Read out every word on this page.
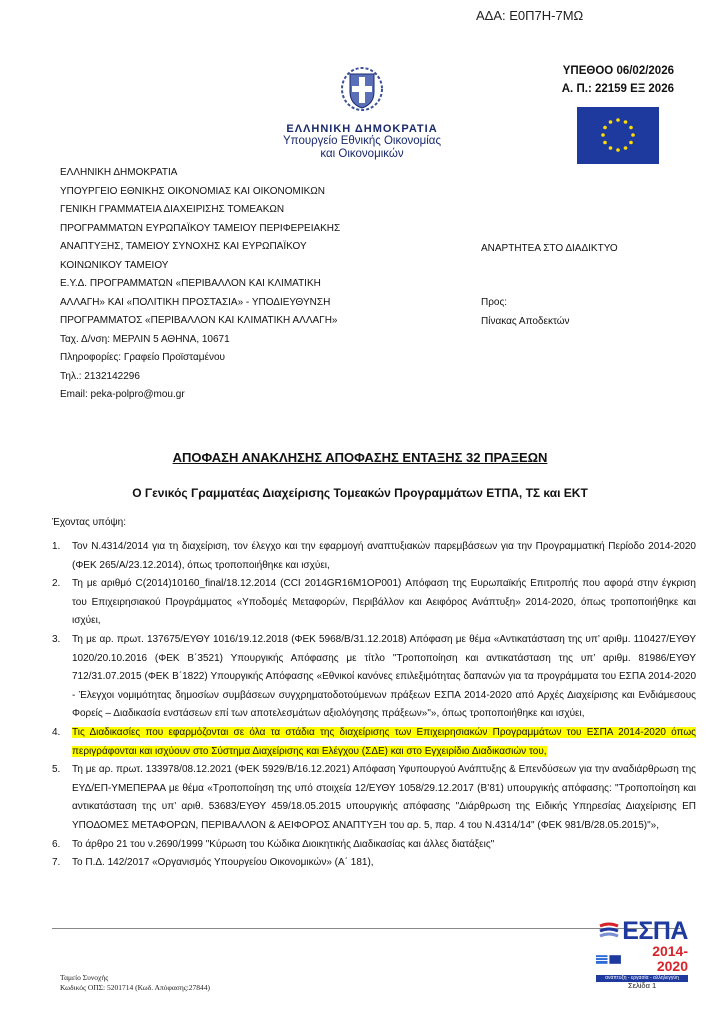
ΑΔΑ: Ε0Π7Η-7ΜΩ
ΥΠΕΘΟΟ 06/02/2026
Α. Π.: 22159 ΕΞ 2026
ΕΛΛΗΝΙΚΗ ΔΗΜΟΚΡΑΤΙΑ
Υπουργείο Εθνικής Οικονομίας
και Οικονομικών
ΕΛΛΗΝΙΚΗ ΔΗΜΟΚΡΑΤΙΑ
ΥΠΟΥΡΓΕΙΟ ΕΘΝΙΚΗΣ ΟΙΚΟΝΟΜΙΑΣ ΚΑΙ ΟΙΚΟΝΟΜΙΚΩΝ
ΓΕΝΙΚΗ ΓΡΑΜΜΑΤΕΙΑ ΔΙΑΧΕΙΡΙΣΗΣ ΤΟΜΕΑΚΩΝ
ΠΡΟΓΡΑΜΜΑΤΩΝ ΕΥΡΩΠΑΪΚΟΥ ΤΑΜΕΙΟΥ ΠΕΡΙΦΕΡΕΙΑΚΗΣ
ΑΝΑΠΤΥΞΗΣ, ΤΑΜΕΙΟΥ ΣΥΝΟΧΗΣ ΚΑΙ ΕΥΡΩΠΑΪΚΟΥ
ΚΟΙΝΩΝΙΚΟΥ ΤΑΜΕΙΟΥ
Ε.Υ.Δ. ΠΡΟΓΡΑΜΜΑΤΩΝ «ΠΕΡΙΒΑΛΛΟΝ ΚΑΙ ΚΛΙΜΑΤΙΚΗ
ΑΛΛΑΓΗ» ΚΑΙ «ΠΟΛΙΤΙΚΗ ΠΡΟΣΤΑΣΙΑ» - ΥΠΟΔΙΕΥΘΥΝΣΗ
ΠΡΟΓΡΑΜΜΑΤΟΣ «ΠΕΡΙΒΑΛΛΟΝ ΚΑΙ ΚΛΙΜΑΤΙΚΗ ΑΛΛΑΓΗ»
Ταχ. Δ/νση: ΜΕΡΛΙΝ 5 ΑΘΗΝΑ, 10671
Πληροφορίες: Γραφείο Προϊσταμένου
Τηλ.: 2132142296
Email: peka-polpro@mou.gr
ΑΝΑΡΤΗΤΕΑ ΣΤΟ ΔΙΑΔΙΚΤΥΟ
Προς:
Πίνακας Αποδεκτών
ΑΠΟΦΑΣΗ ΑΝΑΚΛΗΣΗΣ ΑΠΟΦΑΣΗΣ ΕΝΤΑΞΗΣ 32 ΠΡΑΞΕΩΝ
Ο Γενικός Γραμματέας Διαχείρισης Τομεακών Προγραμμάτων ΕΤΠΑ, ΤΣ και ΕΚΤ
Έχοντας υπόψη:
1.	Τον Ν.4314/2014 για τη διαχείριση, τον έλεγχο και την εφαρμογή αναπτυξιακών παρεμβάσεων για την Προγραμματική Περίοδο 2014-2020 (ΦΕΚ 265/Α/23.12.2014), όπως τροποποιήθηκε και ισχύει,
2.	Τη με αριθμό C(2014)10160_final/18.12.2014 (CCI 2014GR16M1OP001) Απόφαση της Ευρωπαϊκής Επιτροπής που αφορά στην έγκριση του Επιχειρησιακού Προγράμματος «Υποδομές Μεταφορών, Περιβάλλον και Αειφόρος Ανάπτυξη» 2014-2020, όπως τροποποιήθηκε και ισχύει,
3.	Τη με αρ. πρωτ. 137675/ΕΥΘΥ 1016/19.12.2018 (ΦΕΚ 5968/Β/31.12.2018) Απόφαση με θέμα «Αντικατάσταση της υπ’ αριθμ. 110427/ΕΥΘΥ 1020/20.10.2016 (ΦΕΚ Β΄3521) Υπουργικής Απόφασης με τίτλο "Τροποποίηση και αντικατάσταση της υπ’ αριθμ. 81986/ΕΥΘΥ 712/31.07.2015 (ΦΕΚ Β΄1822) Υπουργικής Απόφασης «Εθνικοί κανόνες επιλεξιμότητας δαπανών για τα προγράμματα του ΕΣΠΑ 2014-2020 - Έλεγχοι νομιμότητας δημοσίων συμβάσεων συγχρηματοδοτούμενων πράξεων ΕΣΠΑ 2014-2020 από Αρχές Διαχείρισης και Ενδιάμεσους Φορείς – Διαδικασία ενστάσεων επί των αποτελεσμάτων αξιολόγησης πράξεων»"», όπως τροποποιήθηκε και ισχύει,
4.	Τις Διαδικασίες που εφαρμόζονται σε όλα τα στάδια της διαχείρισης των Επιχειρησιακών Προγραμμάτων του ΕΣΠΑ 2014-2020 όπως περιγράφονται και ισχύουν στο Σύστημα Διαχείρισης και Ελέγχου (ΣΔΕ) και στο Εγχειρίδιο Διαδικασιών του,
5.	Τη με αρ. πρωτ. 133978/08.12.2021 (ΦΕΚ 5929/Β/16.12.2021) Απόφαση Υφυπουργού Ανάπτυξης & Επενδύσεων για την αναδιάρθρωση της ΕΥΔ/ΕΠ-ΥΜΕΠΕΡΑΑ με θέμα «Τροποποίηση της υπό στοιχεία 12/ΕΥΘΥ 1058/29.12.2017 (Β’81) υπουργικής απόφασης: "Τροποποίηση και αντικατάσταση της υπ’ αριθ. 53683/ΕΥΘΥ 459/18.05.2015 υπουργικής απόφασης "Διάρθρωση της Ειδικής Υπηρεσίας Διαχείρισης ΕΠ ΥΠΟΔΟΜΕΣ ΜΕΤΑΦΟΡΩΝ, ΠΕΡΙΒΑΛΛΟΝ & ΑΕΙΦΟΡΟΣ ΑΝΑΠΤΥΞΗ του αρ. 5, παρ. 4 του Ν.4314/14" (ΦΕΚ 981/Β/28.05.2015)"»,
6.	Το άρθρο 21 του ν.2690/1999 "Κύρωση του Κώδικα Διοικητικής Διαδικασίας και άλλες διατάξεις"
7.	Το Π.Δ. 142/2017 «Οργανισμός Υπουργείου Οικονομικών» (Α΄ 181),
Ταμείο Συνοχής
Κωδικός ΟΠΣ: 5201714 (Κωδ. Απόφασης:27844)
ΕΣΠΑ
2014-2020
ανάπτυξη - εργασία - αλληλεγγύη
Σελίδα 1
